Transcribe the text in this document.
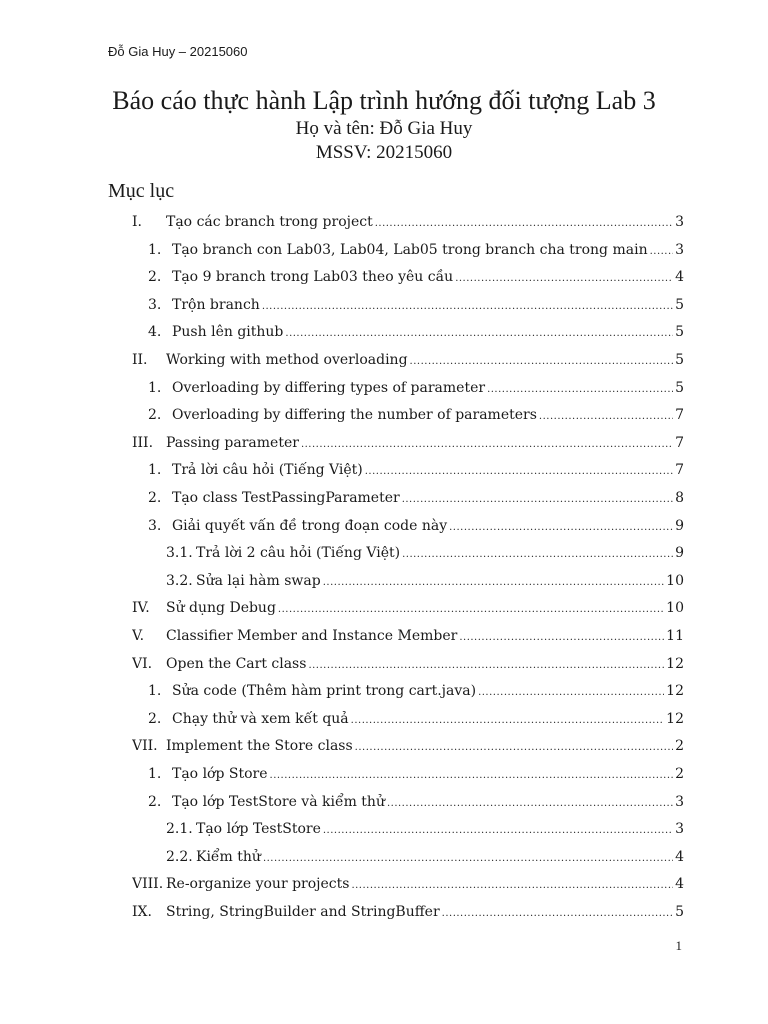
Đỗ Gia Huy – 20215060
Báo cáo thực hành Lập trình hướng đối tượng Lab 3
Họ và tên: Đỗ Gia Huy
MSSV: 20215060
Mục lục
I.	Tạo các branch trong project .....	3
1. Tạo branch con Lab03, Lab04, Lab05 trong branch cha trong main ..... 3
2. Tạo 9 branch trong Lab03 theo yêu cầu .....	4
3. Trộn branch .....	5
4. Push lên github .....	5
II.	Working with method overloading .....	5
1. Overloading by differing types of parameter .....	5
2. Overloading by differing the number of parameters .....	7
III. Passing parameter .....	7
1. Trả lời câu hỏi (Tiếng Việt) .....	7
2. Tạo class TestPassingParameter .....	8
3. Giải quyết vấn đề trong đoạn code này .....	9
3.1. Trả lời 2 câu hỏi (Tiếng Việt) .....	9
3.2. Sửa lại hàm swap .....	10
IV.	Sử dụng Debug .....	10
V.	Classifier Member and Instance Member .....	11
VI. Open the Cart class .....	12
1. Sửa code (Thêm hàm print trong cart.java) .....	12
2. Chạy thử và xem kết quả .....	12
VII. Implement the Store class .....	2
1. Tạo lớp Store .....	2
2. Tạo lớp TestStore và kiểm thử .....	3
2.1. Tạo lớp TestStore .....	3
2.2. Kiểm thử .....	4
VIII. Re-organize your projects .....	4
IX.	String, StringBuilder and StringBuffer .....	5
1
